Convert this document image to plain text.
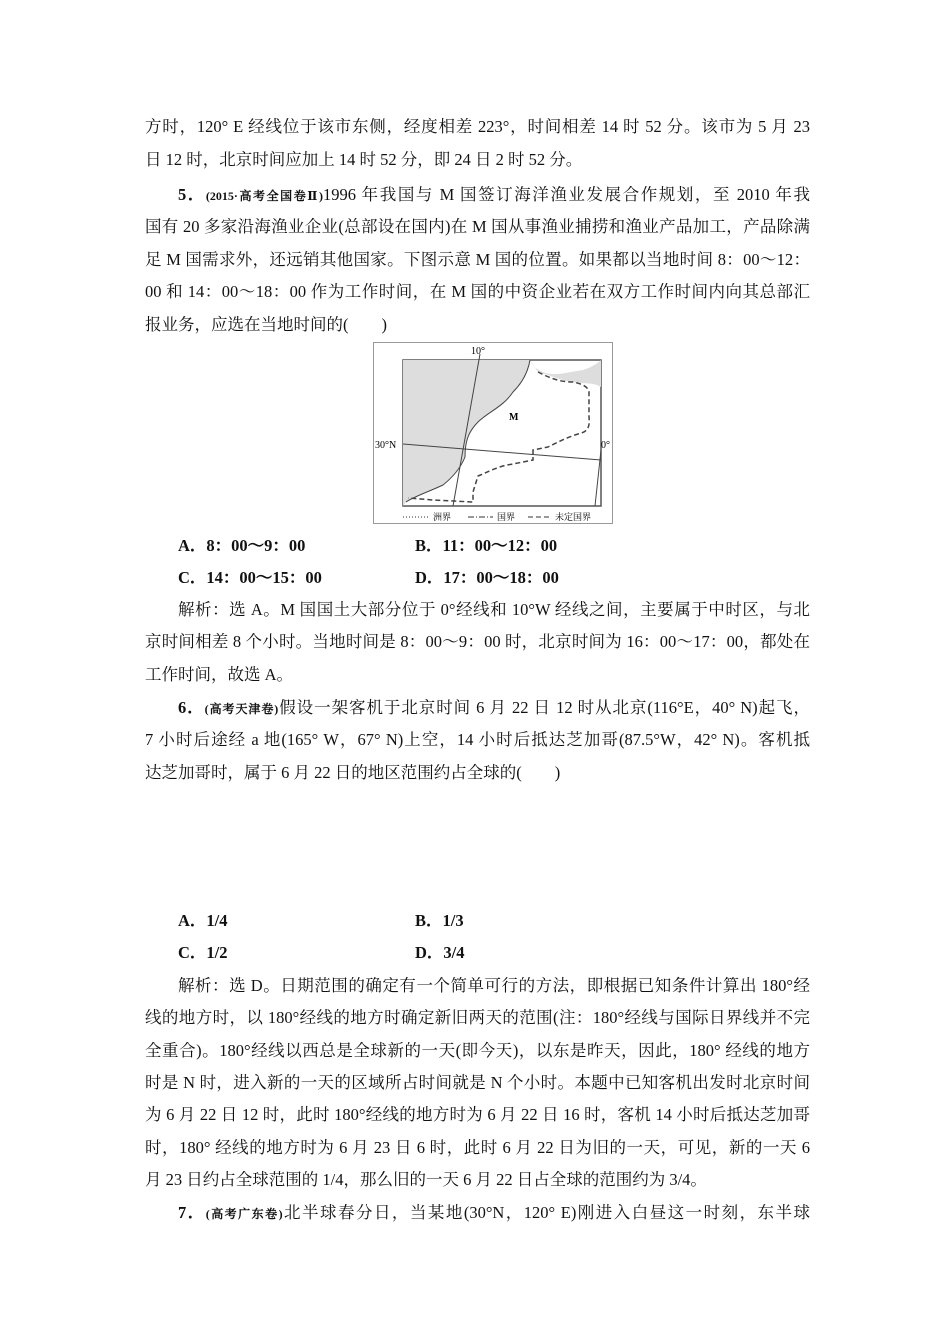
方时，120° E 经线位于该市东侧，经度相差 223°，时间相差 14 时 52 分。该市为 5 月 23
日 12 时，北京时间应加上 14 时 52 分，即 24 日 2 时 52 分。
5．(2015·高考全国卷Ⅱ)1996 年我国与 M 国签订海洋渔业发展合作规划，至 2010 年我
国有 20 多家沿海渔业企业(总部设在国内)在 M 国从事渔业捕捞和渔业产品加工，产品除满
足 M 国需求外，还远销其他国家。下图示意 M 国的位置。如果都以当地时间 8：00～12：
00 和 14：00～18：00 作为工作时间，在 M 国的中资企业若在双方工作时间内向其总部汇
报业务，应选在当地时间的(　　)
10°
30°N	0°
M
洲界	国界	未定国界
A．8：00～9：00	B．11：00～12：00
C．14：00～15：00	D．17：00～18：00
解析：选 A。M 国国土大部分位于 0°经线和 10°W 经线之间，主要属于中时区，与北
京时间相差 8 个小时。当地时间是 8：00～9：00 时，北京时间为 16：00～17：00，都处在
工作时间，故选 A。
6．(高考天津卷)假设一架客机于北京时间 6 月 22 日 12 时从北京(116°E，40° N)起飞，
7 小时后途经 a 地(165° W，67° N)上空，14 小时后抵达芝加哥(87.5°W，42° N)。客机抵
达芝加哥时，属于 6 月 22 日的地区范围约占全球的(　　)
A．1/4	B．1/3
C．1/2	D．3/4
解析：选 D。日期范围的确定有一个简单可行的方法，即根据已知条件计算出 180°经
线的地方时，以 180°经线的地方时确定新旧两天的范围(注：180°经线与国际日界线并不完
全重合)。180°经线以西总是全球新的一天(即今天)，以东是昨天，因此，180° 经线的地方
时是 N 时，进入新的一天的区域所占时间就是 N 个小时。本题中已知客机出发时北京时间
为 6 月 22 日 12 时，此时 180°经线的地方时为 6 月 22 日 16 时，客机 14 小时后抵达芝加哥
时，180° 经线的地方时为 6 月 23 日 6 时，此时 6 月 22 日为旧的一天，可见，新的一天 6
月 23 日约占全球范围的 1/4，那么旧的一天 6 月 22 日占全球的范围约为 3/4。
7．(高考广东卷)北半球春分日，当某地(30°N，120° E)刚进入白昼这一时刻，东半球
